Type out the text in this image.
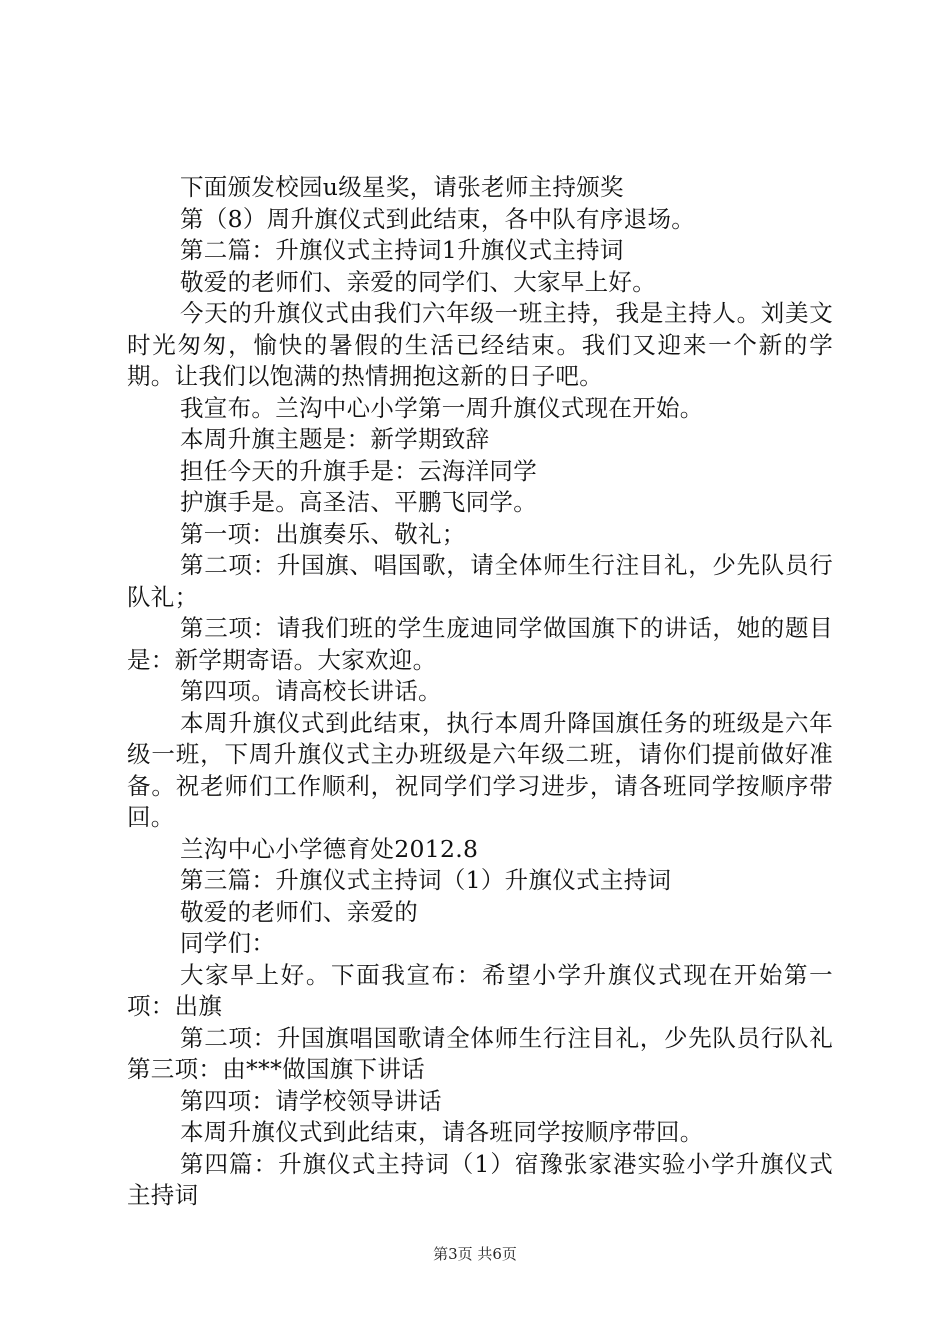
下面颁发校园u级星奖，请张老师主持颁奖

第（8）周升旗仪式到此结束，各中队有序退场。

第二篇：升旗仪式主持词1升旗仪式主持词

敬爱的老师们、亲爱的同学们、大家早上好。

今天的升旗仪式由我们六年级一班主持，我是主持人。刘美文时光匆匆，愉快的暑假的生活已经结束。我们又迎来一个新的学期。让我们以饱满的热情拥抱这新的日子吧。

我宣布。兰沟中心小学第一周升旗仪式现在开始。

本周升旗主题是：新学期致辞

担任今天的升旗手是：云海洋同学

护旗手是。高圣洁、平鹏飞同学。

第一项：出旗奏乐、敬礼；

第二项：升国旗、唱国歌，请全体师生行注目礼，少先队员行队礼；

第三项：请我们班的学生庞迪同学做国旗下的讲话，她的题目是：新学期寄语。大家欢迎。

第四项。请高校长讲话。

本周升旗仪式到此结束，执行本周升降国旗任务的班级是六年级一班，下周升旗仪式主办班级是六年级二班，请你们提前做好准备。祝老师们工作顺利，祝同学们学习进步，请各班同学按顺序带回。

兰沟中心小学德育处2012.8

第三篇：升旗仪式主持词（1）升旗仪式主持词

敬爱的老师们、亲爱的

同学们：

大家早上好。下面我宣布：希望小学升旗仪式现在开始第一项：出旗

第二项：升国旗唱国歌请全体师生行注目礼，少先队员行队礼第三项：由***做国旗下讲话

第四项：请学校领导讲话

本周升旗仪式到此结束，请各班同学按顺序带回。

第四篇：升旗仪式主持词（1）宿豫张家港实验小学升旗仪式主持词

第3页 共6页
